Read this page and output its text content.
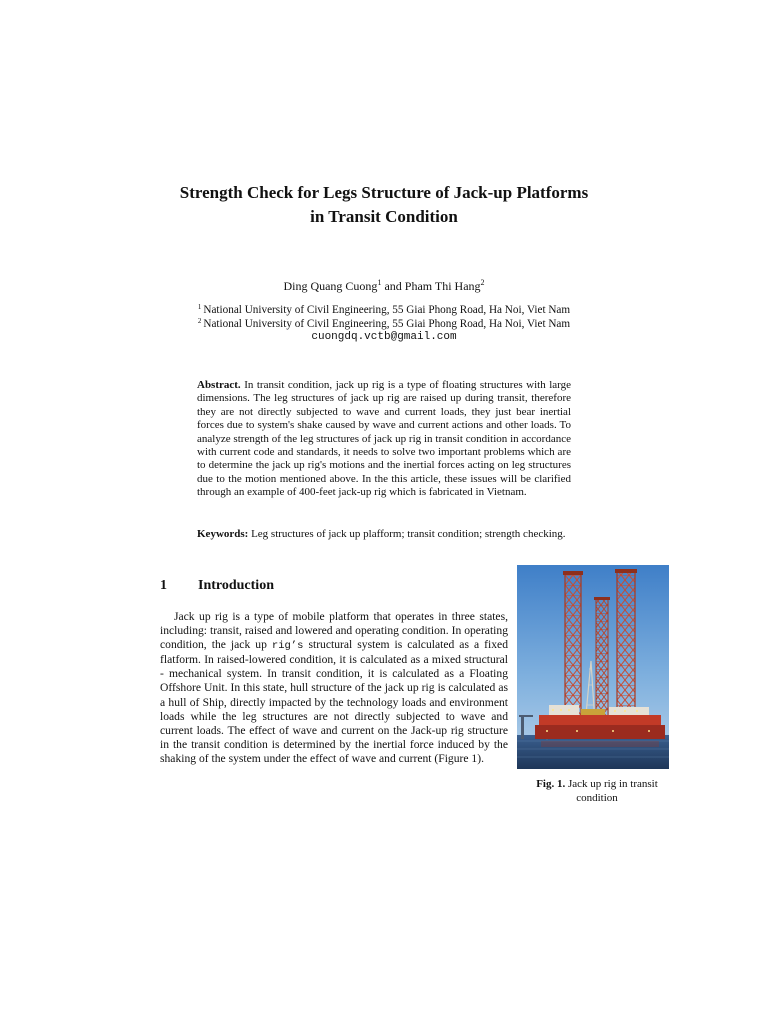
Strength Check for Legs Structure of Jack-up Platforms
in Transit Condition
Ding Quang Cuong$^1$ and Pham Thi Hang$^2$
$^1$ National University of Civil Engineering, 55 Giai Phong Road, Ha Noi, Viet Nam
$^2$ National University of Civil Engineering, 55 Giai Phong Road, Ha Noi, Viet Nam
cuongdq.vctb@gmail.com
Abstract. In transit condition, jack up rig is a type of floating structures with large dimensions. The leg structures of jack up rig are raised up during transit, therefore they are not directly subjected to wave and current loads, they just bear inertial forces due to system's shake caused by wave and current actions and other loads. To analyze strength of the leg structures of jack up rig in transit condition in accordance with current code and standards, it needs to solve two important problems which are to determine the jack up rig's motions and the inertial forces acting on leg structures due to the motion mentioned above. In the this article, these issues will be clarified through an example of 400-feet jack-up rig which is fabricated in Vietnam.
Keywords: Leg structures of jack up plafform; transit condition; strength checking.
1 Introduction

Jack up rig is a type of mobile platform that operates in three states, including: transit, raised and lowered and operating condition. In operating condition, the jack up rig’s structural system is calculated as a fixed flatform. In raised-lowered condition, it is calculated as a mixed structural - mechanical system. In transit condition, it is calculated as a Floating Offshore Unit. In this state, hull structure of the jack up rig is calculated as a hull of Ship, directly impacted by the technology loads and environment loads while the leg structures are not directly subjected to wave and current loads. The effect of wave and current on the Jack-up rig structure in the transit condition is determined by the inertial force induced by the shaking of the system under the effect of wave and current (Figure 1).

Fig. 1. Jack up rig in transit condition
